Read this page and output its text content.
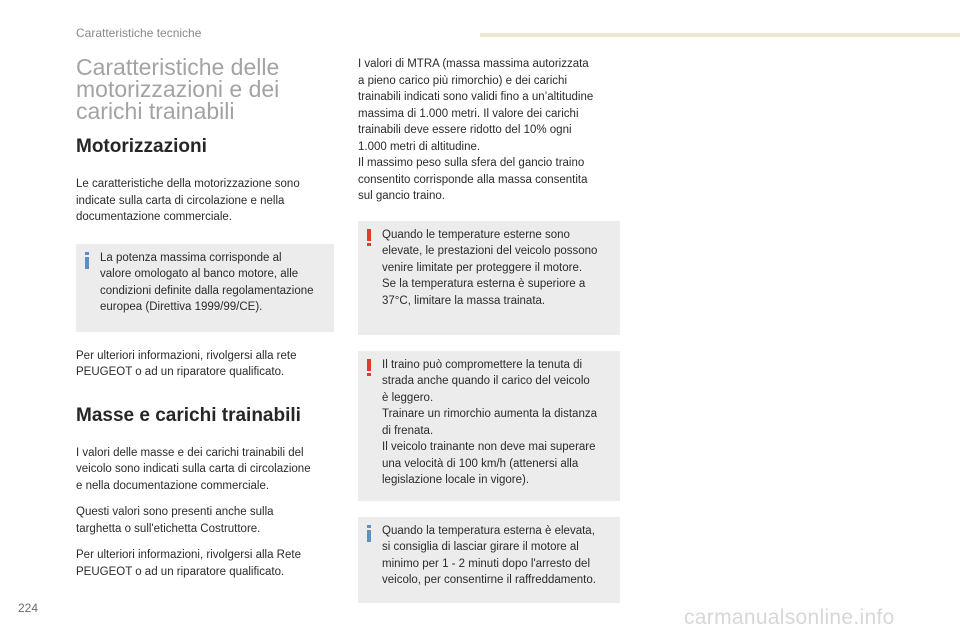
Caratteristiche tecniche
Caratteristiche delle
motorizzazioni e dei
carichi trainabili
Motorizzazioni

Le caratteristiche della motorizzazione sono
indicate sulla carta di circolazione e nella
documentazione commerciale.

La potenza massima corrisponde al
valore omologato al banco motore, alle
condizioni definite dalla regolamentazione
europea (Direttiva 1999/99/CE).

Per ulteriori informazioni, rivolgersi alla rete
PEUGEOT o ad un riparatore qualificato.

Masse e carichi trainabili

I valori delle masse e dei carichi trainabili del
veicolo sono indicati sulla carta di circolazione
e nella documentazione commerciale.

Questi valori sono presenti anche sulla
targhetta o sull'etichetta Costruttore.

Per ulteriori informazioni, rivolgersi alla Rete
PEUGEOT o ad un riparatore qualificato.

I valori di MTRA (massa massima autorizzata
a pieno carico più rimorchio) e dei carichi
trainabili indicati sono validi fino a un’altitudine
massima di 1.000 metri. Il valore dei carichi
trainabili deve essere ridotto del 10% ogni
1.000 metri di altitudine.
Il massimo peso sulla sfera del gancio traino
consentito corrisponde alla massa consentita
sul gancio traino.

Quando le temperature esterne sono
elevate, le prestazioni del veicolo possono
venire limitate per proteggere il motore.
Se la temperatura esterna è superiore a
37°C, limitare la massa trainata.
Il traino può compromettere la tenuta di
strada anche quando il carico del veicolo
è leggero.
Trainare un rimorchio aumenta la distanza
di frenata.
Il veicolo trainante non deve mai superare
una velocità di 100 km/h (attenersi alla
legislazione locale in vigore).
Quando la temperatura esterna è elevata,
si consiglia di lasciar girare il motore al
minimo per 1 - 2 minuti dopo l'arresto del
veicolo, per consentirne il raffreddamento.
224	carmanualsonline.info
